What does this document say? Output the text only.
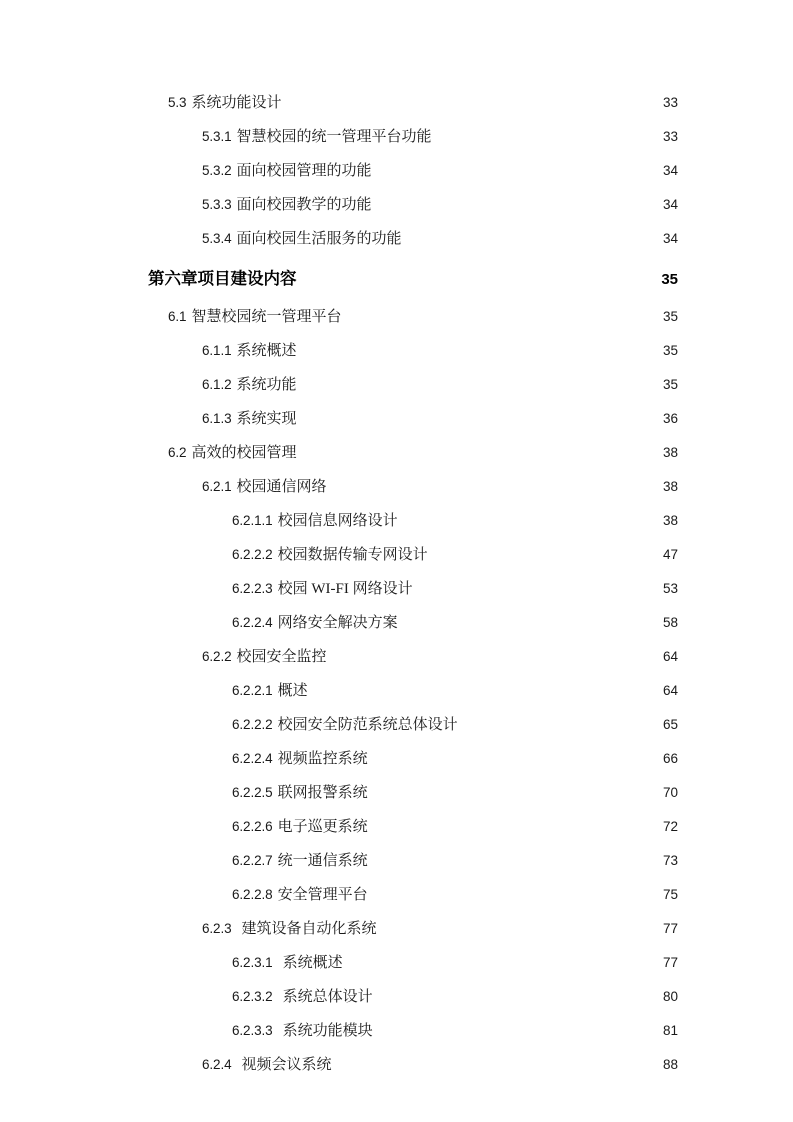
5.3 系统功能设计 .....	33
5.3.1 智慧校园的统一管理平台功能 .....	33
5.3.2 面向校园管理的功能 .....	34
5.3.3 面向校园教学的功能 .....	34
5.3.4 面向校园生活服务的功能 .....	34
第六章项目建设内容 .....	35
6.1 智慧校园统一管理平台 .....	35
6.1.1 系统概述 .....	35
6.1.2 系统功能 .....	35
6.1.3 系统实现 .....	36
6.2 高效的校园管理 .....	38
6.2.1 校园通信网络 .....	38
6.2.1.1 校园信息网络设计 .....	38
6.2.2.2 校园数据传输专网设计 .....	47
6.2.2.3 校园 WI-FI 网络设计 .....	53
6.2.2.4 网络安全解决方案 .....	58
6.2.2 校园安全监控 .....	64
6.2.2.1 概述 .....	64
6.2.2.2 校园安全防范系统总体设计 .....	65
6.2.2.4 视频监控系统 .....	66
6.2.2.5 联网报警系统 .....	70
6.2.2.6 电子巡更系统 .....	72
6.2.2.7 统一通信系统 .....	73
6.2.2.8 安全管理平台 .....	75
6.2.3 建筑设备自动化系统 .....	77
6.2.3.1 系统概述 .....	77
6.2.3.2 系统总体设计 .....	80
6.2.3.3 系统功能模块 .....	81
6.2.4 视频会议系统 .....	88
